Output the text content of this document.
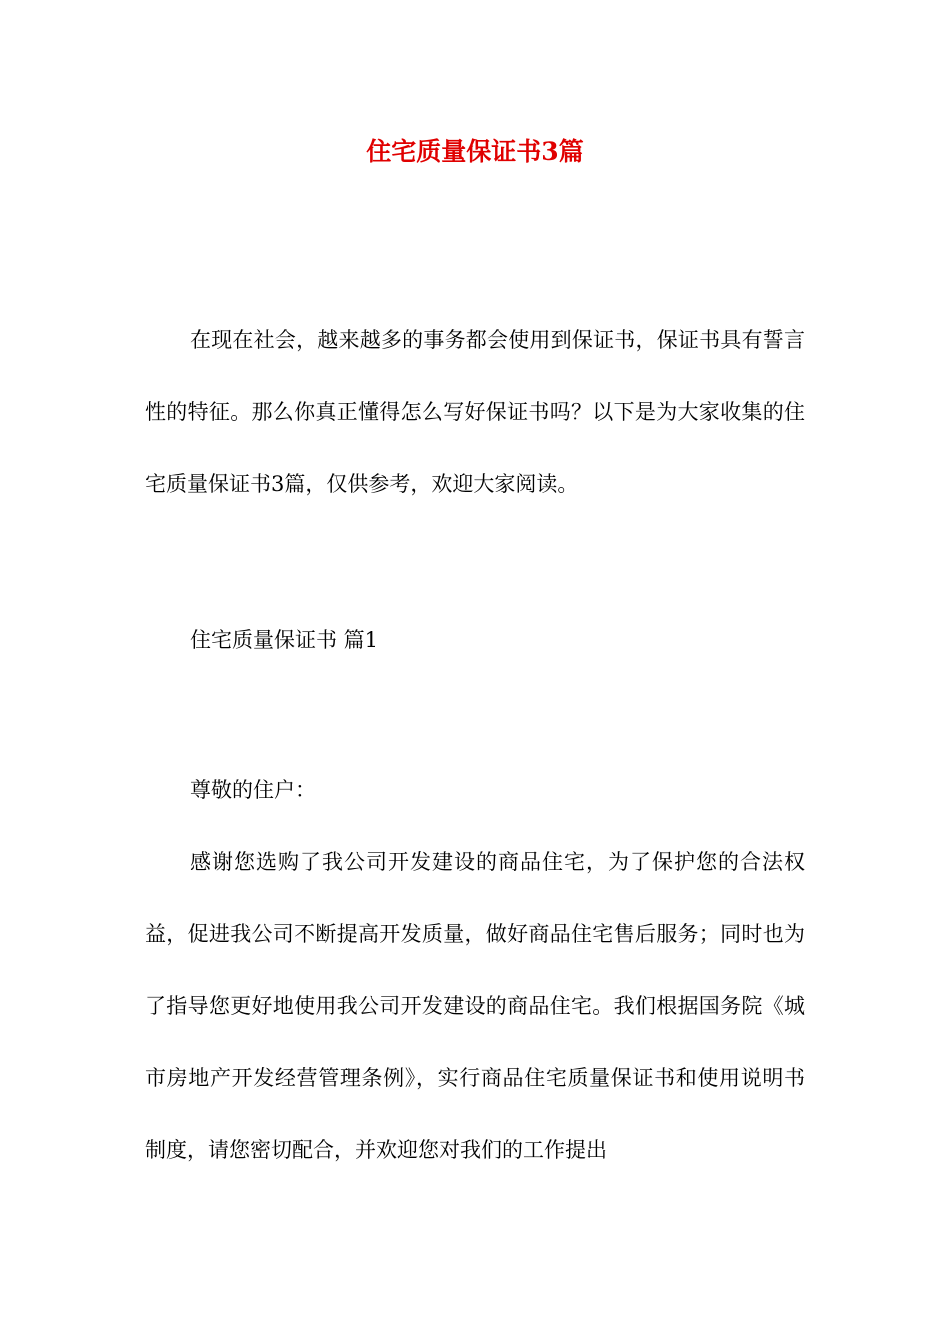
住宅质量保证书3篇

在现在社会，越来越多的事务都会使用到保证书，保证书具有誓言性的特征。那么你真正懂得怎么写好保证书吗？以下是为大家收集的住宅质量保证书3篇，仅供参考，欢迎大家阅读。

住宅质量保证书 篇1

尊敬的住户：

感谢您选购了我公司开发建设的商品住宅，为了保护您的合法权益，促进我公司不断提高开发质量，做好商品住宅售后服务；同时也为了指导您更好地使用我公司开发建设的商品住宅。我们根据国务院《城市房地产开发经营管理条例》，实行商品住宅质量保证书和使用说明书制度，请您密切配合，并欢迎您对我们的工作提出
